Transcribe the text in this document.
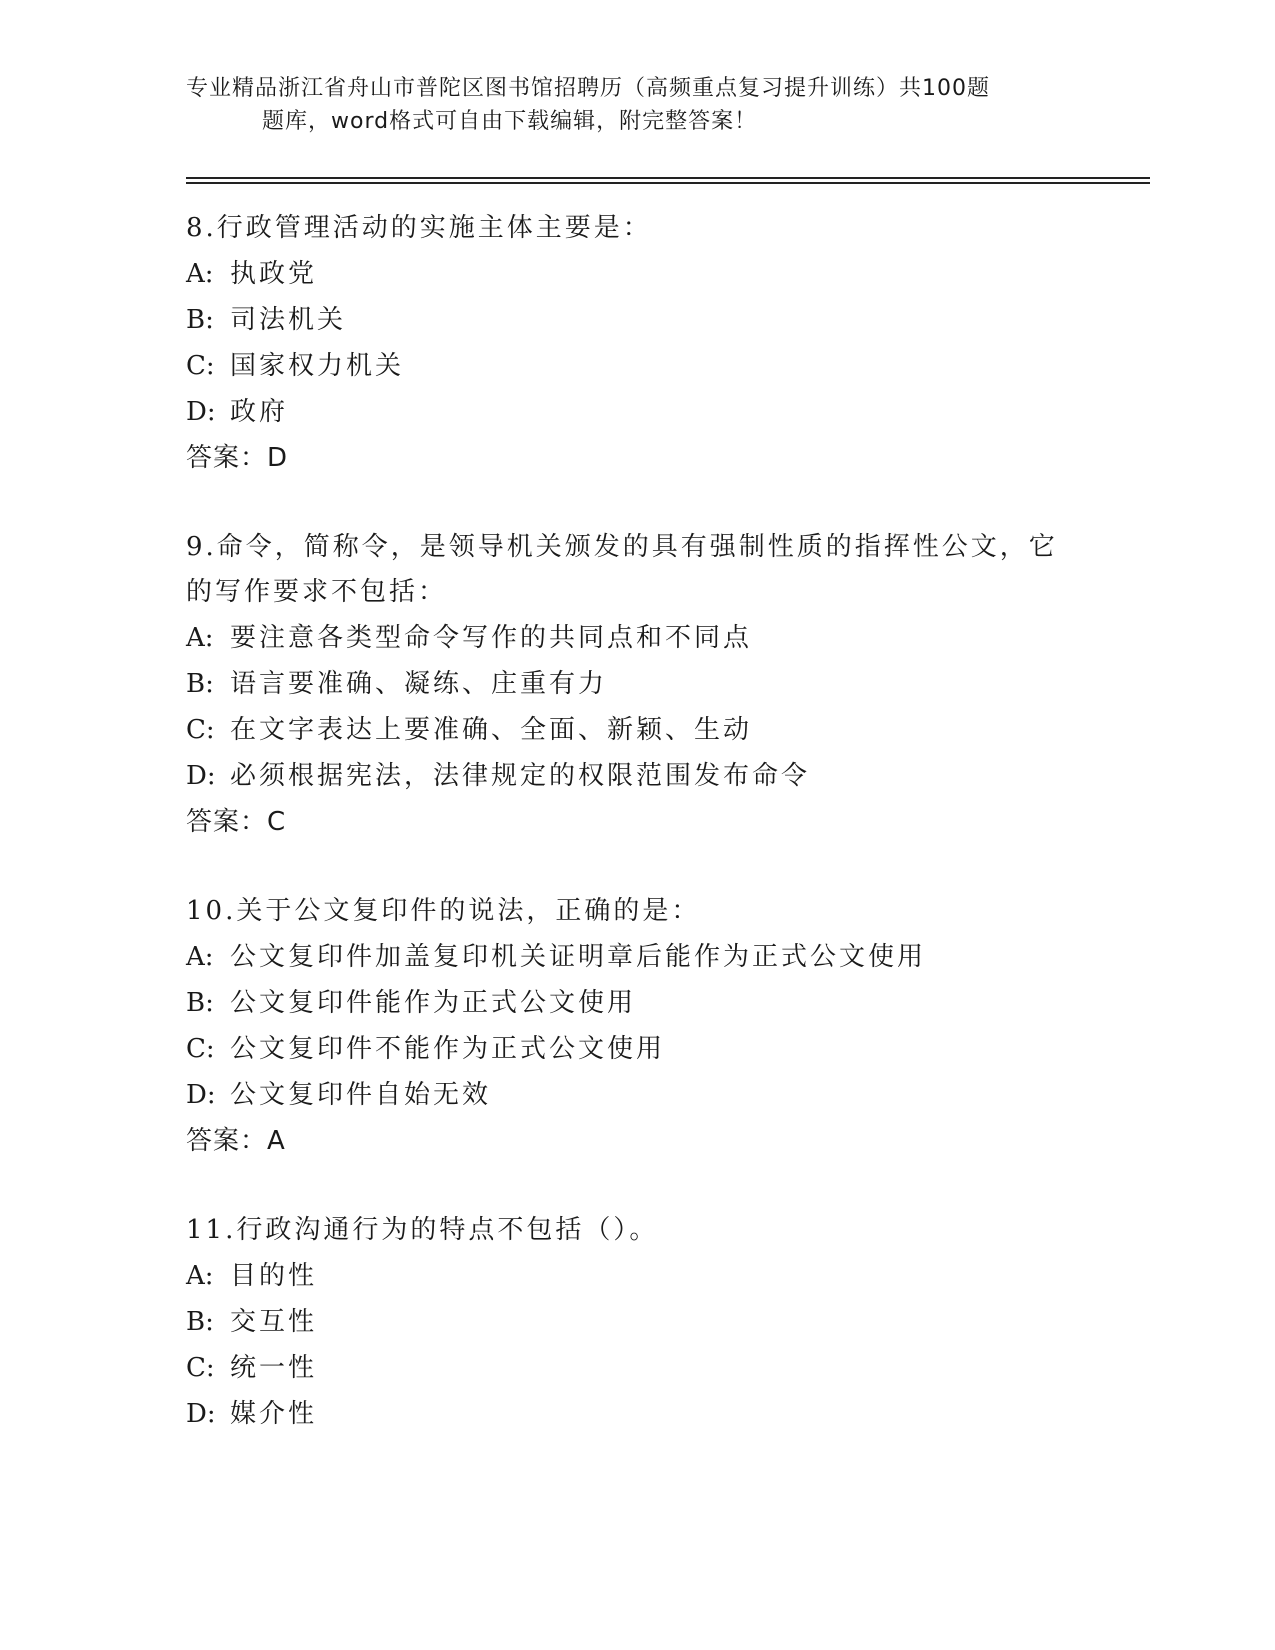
专业精品浙江省舟山市普陀区图书馆招聘历（高频重点复习提升训练）共100题
题库，word格式可自由下载编辑，附完整答案！
8.行政管理活动的实施主体主要是：
A: 执政党
B: 司法机关
C: 国家权力机关
D: 政府
答案：D
9.命令，简称令，是领导机关颁发的具有强制性质的指挥性公文，它的写作要求不包括：
A: 要注意各类型命令写作的共同点和不同点
B: 语言要准确、凝练、庄重有力
C: 在文字表达上要准确、全面、新颖、生动
D: 必须根据宪法，法律规定的权限范围发布命令
答案：C
10.关于公文复印件的说法，正确的是：
A: 公文复印件加盖复印机关证明章后能作为正式公文使用
B: 公文复印件能作为正式公文使用
C: 公文复印件不能作为正式公文使用
D: 公文复印件自始无效
答案：A
11.行政沟通行为的特点不包括（）。
A: 目的性
B: 交互性
C: 统一性
D: 媒介性
